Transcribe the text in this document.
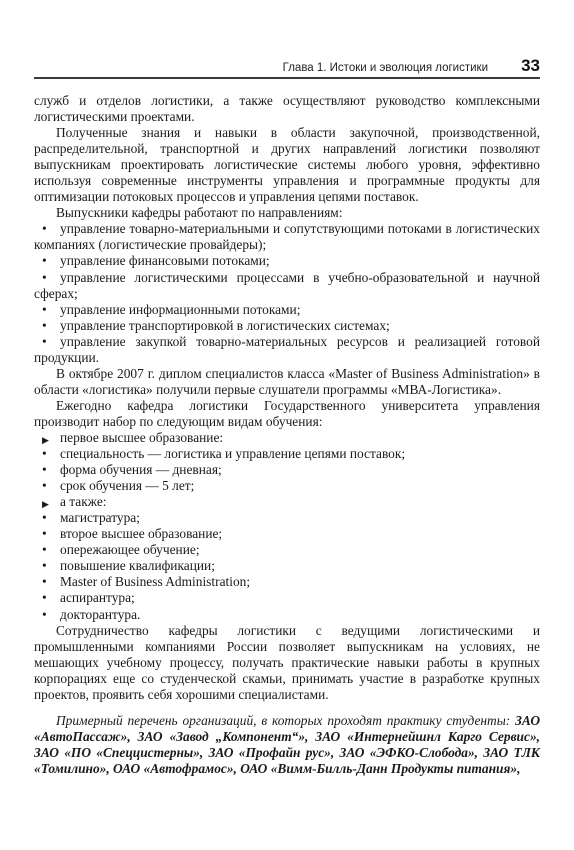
Глава 1. Истоки и эволюция логистики 33

служб и отделов логистики, а также осуществляют руководство комплексными логистическими проектами.

Полученные знания и навыки в области закупочной, производственной, распределительной, транспортной и других направлений логистики позволяют выпускникам проектировать логистические системы любого уровня, эффективно используя современные инструменты управления и программные продукты для оптимизации потоковых процессов и управления цепями поставок.

Выпускники кафедры работают по направлениям:

• управление товарно-материальными и сопутствующими потоками в логистических компаниях (логистические провайдеры);
• управление финансовыми потоками;
• управление логистическими процессами в учебно-образовательной и научной сферах;
• управление информационными потоками;
• управление транспортировкой в логистических системах;
• управление закупкой товарно-материальных ресурсов и реализацией готовой продукции.

В октябре 2007 г. диплом специалистов класса «Master of Business Administration» в области «логистика» получили первые слушатели программы «МВА-Логистика».

Ежегодно кафедра логистики Государственного университета управления производит набор по следующим видам обучения:

▶ первое высшее образование:
• специальность — логистика и управление цепями поставок;
• форма обучения — дневная;
• срок обучения — 5 лет;
▶ а также:
• магистратура;
• второе высшее образование;
• опережающее обучение;
• повышение квалификации;
• Master of Business Administration;
• аспирантура;
• докторантура.

Сотрудничество кафедры логистики с ведущими логистическими и промышленными компаниями России позволяет выпускникам на условиях, не мешающих учебному процессу, получать практические навыки работы в крупных корпорациях еще со студенческой скамьи, принимать участие в разработке крупных проектов, проявить себя хорошими специалистами.

Примерный перечень организаций, в которых проходят практику студенты: ЗАО «АвтоПассаж», ЗАО «Завод „Компонент“», ЗАО «Интернейшнл Карго Сервис», ЗАО «ПО «Спеццистерны», ЗАО «Профайн рус», ЗАО «ЭФКО-Слобода», ЗАО ТЛК «Томилино», ОАО «Автофрамос», ОАО «Вимм-Билль-Данн Продукты питания»,
